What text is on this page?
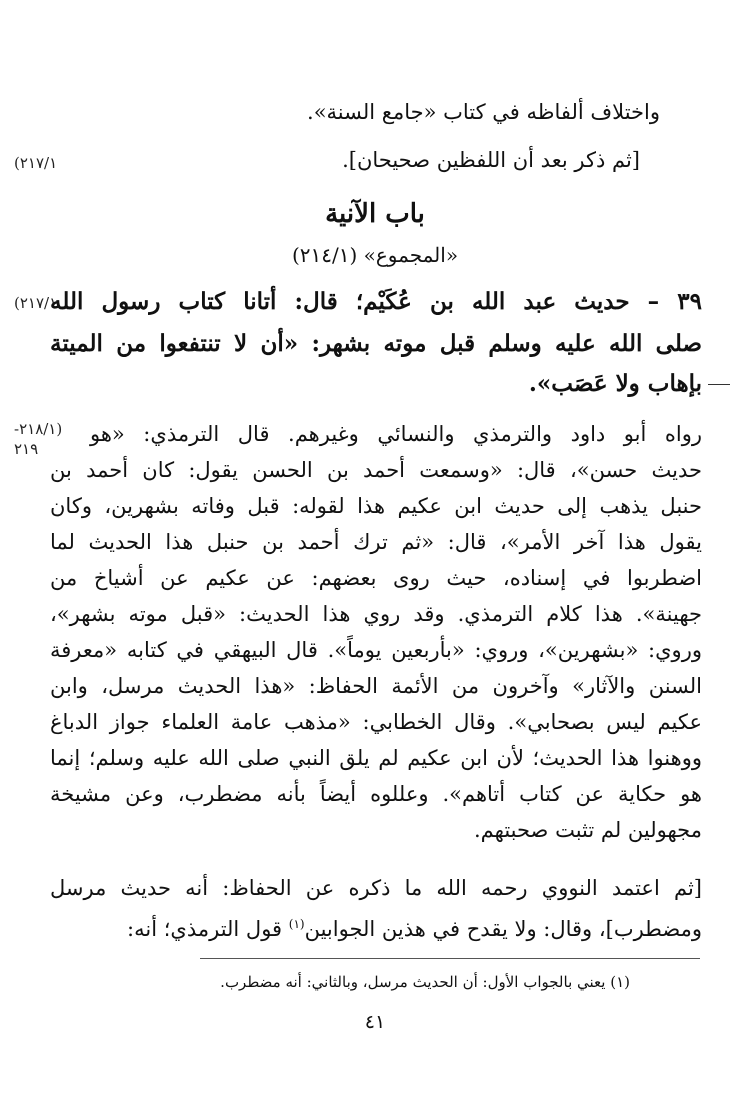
واختلاف ألفاظه في كتاب «جامع السنة».
(٢١٧/١	[ثم ذكر بعد أن اللفظين صحيحان].
باب الآنية
«المجموع» (٢١٤/١)
(٢١٧/١
٣٩ – حديث عبد الله بن عُكَيْم؛ قال: أتانا كتاب رسول الله
صلى الله عليه وسلم قبل موته بشهر: «أن لا تنتفعوا من الميتة
بإهاب ولا عَصَب».
-٢١٨/١)
٢١٩
رواه أبو داود والترمذي والنسائي وغيرهم. قال الترمذي: «هو
حديث حسن»، قال: «وسمعت أحمد بن الحسن يقول: كان أحمد بن
حنبل يذهب إلى حديث ابن عكيم هذا لقوله: قبل وفاته بشهرين، وكان
يقول هذا آخر الأمر»، قال: «ثم ترك أحمد بن حنبل هذا الحديث لما
اضطربوا في إسناده، حيث روى بعضهم: عن عكيم عن أشياخ من
جهينة». هذا كلام الترمذي. وقد روي هذا الحديث: «قبل موته بشهر»،
وروي: «بشهرين»، وروي: «بأربعين يوماً». قال البيهقي في كتابه «معرفة
السنن والآثار» وآخرون من الأئمة الحفاظ: «هذا الحديث مرسل، وابن
عكيم ليس بصحابي». وقال الخطابي: «مذهب عامة العلماء جواز الدباغ
ووهنوا هذا الحديث؛ لأن ابن عكيم لم يلق النبي صلى الله عليه وسلم؛ إنما
هو حكاية عن كتاب أتاهم». وعللوه أيضاً بأنه مضطرب، وعن مشيخة
مجهولين لم تثبت صحبتهم.
[ثم اعتمد النووي رحمه الله ما ذكره عن الحفاظ: أنه حديث مرسل
ومضطرب]، وقال: ولا يقدح في هذين الجوابين$^{(١)}$ قول الترمذي؛ أنه:
(١) يعني بالجواب الأول: أن الحديث مرسل، وبالثاني: أنه مضطرب.
٤١
